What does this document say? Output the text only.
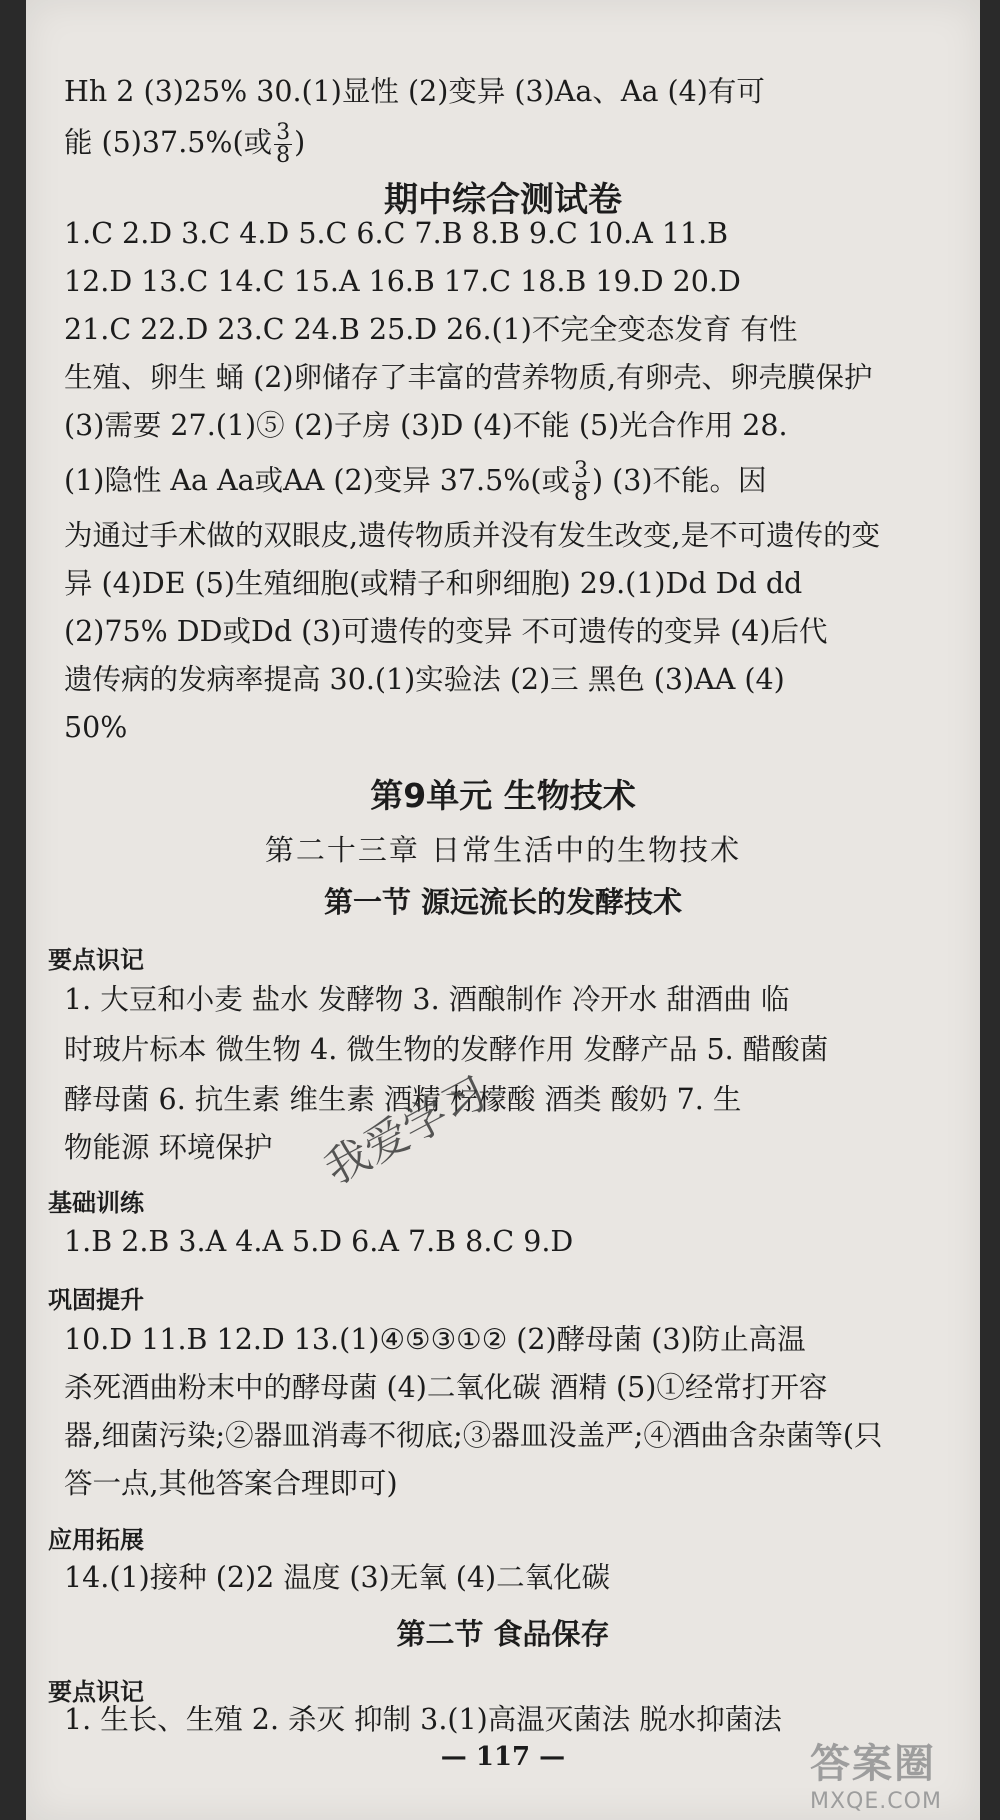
Hh 2 (3)25% 30.(1)显性 (2)变异 (3)Aa、Aa (4)有可
能 (5)37.5%(或 $\frac{3}{8}$ )
期中综合测试卷
1.C 2.D 3.C 4.D 5.C 6.C 7.B 8.B 9.C 10.A 11.B
12.D 13.C 14.C 15.A 16.B 17.C 18.B 19.D 20.D
21.C 22.D 23.C 24.B 25.D 26.(1)不完全变态发育 有性
生殖、卵生 蛹 (2)卵储存了丰富的营养物质,有卵壳、卵壳膜保护
(3)需要 27.(1)⑤ (2)子房 (3)D (4)不能 (5)光合作用 28.
(1)隐性 Aa Aa或AA (2)变异 37.5%(或 $\frac{3}{8}$ ) (3)不能。因
为通过手术做的双眼皮,遗传物质并没有发生改变,是不可遗传的变
异 (4)DE (5)生殖细胞(或精子和卵细胞) 29.(1)Dd Dd dd
(2)75% DD或Dd (3)可遗传的变异 不可遗传的变异 (4)后代
遗传病的发病率提高 30.(1)实验法 (2)三 黑色 (3)AA (4)
50%
第9单元 生物技术
第二十三章 日常生活中的生物技术
第一节 源远流长的发酵技术
要点识记
1. 大豆和小麦 盐水 发酵物 3. 酒酿制作 冷开水 甜酒曲 临
时玻片标本 微生物 4. 微生物的发酵作用 发酵产品 5. 醋酸菌
酵母菌 6. 抗生素 维生素 酒精 柠檬酸 酒类 酸奶 7. 生
物能源 环境保护
基础训练
1.B 2.B 3.A 4.A 5.D 6.A 7.B 8.C 9.D
巩固提升
10.D 11.B 12.D 13.(1)④⑤③①② (2)酵母菌 (3)防止高温
杀死酒曲粉末中的酵母菌 (4)二氧化碳 酒精 (5)①经常打开容
器,细菌污染;②器皿消毒不彻底;③器皿没盖严;④酒曲含杂菌等(只
答一点,其他答案合理即可)
应用拓展
14.(1)接种 (2)2 温度 (3)无氧 (4)二氧化碳
第二节 食品保存
要点识记
1. 生长、生殖 2. 杀灭 抑制 3.(1)高温灭菌法 脱水抑菌法
— 117 —
我爱学习
答案圈
MXQE.COM
